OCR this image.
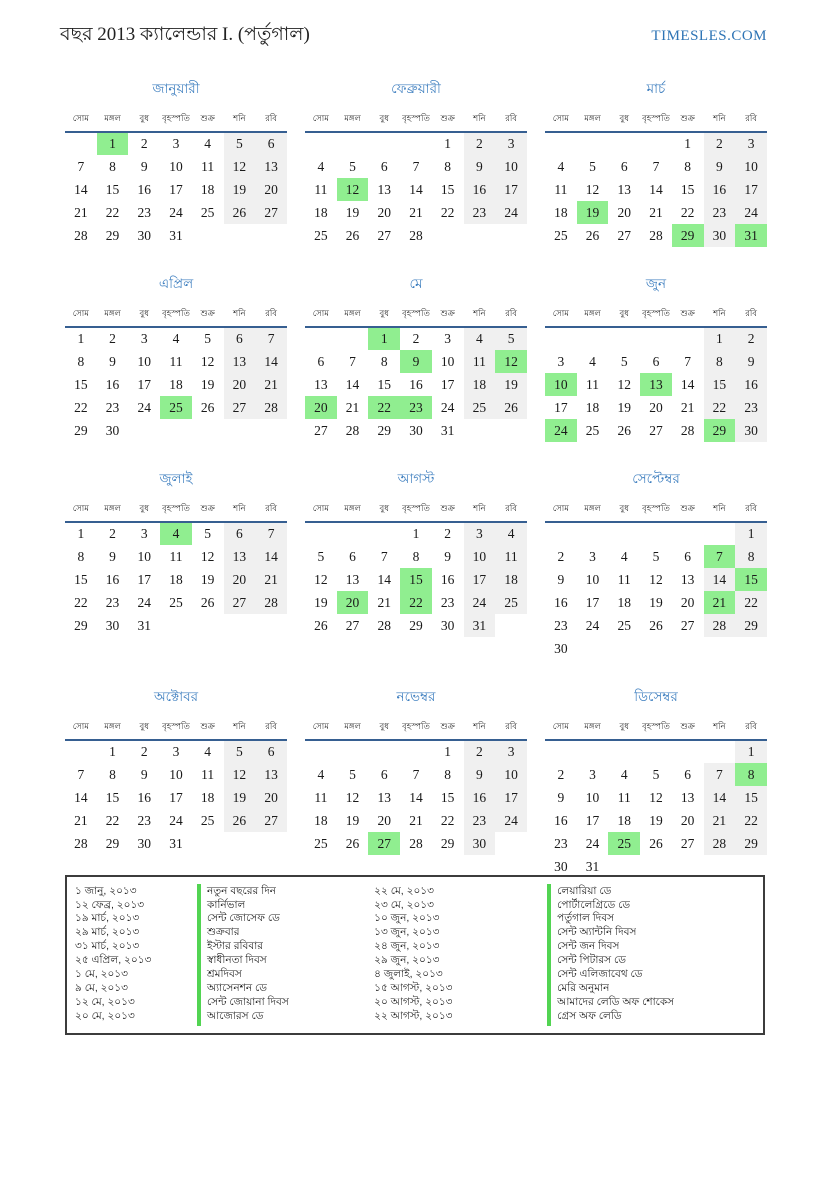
বছর 2013 ক্যালেন্ডার I. (পর্তুগাল)	TIMESLES.COM
জানুয়ারী
সোম	মঙ্গল	বুধ	বৃহস্পতি	শুক্র	শনি	রবি
	1	2	3	4	5	6
7	8	9	10	11	12	13
14	15	16	17	18	19	20
21	22	23	24	25	26	27
28	29	30	31			
ফেব্রুয়ারী
সোম	মঙ্গল	বুধ	বৃহস্পতি	শুক্র	শনি	রবি
				1	2	3
4	5	6	7	8	9	10
11	12	13	14	15	16	17
18	19	20	21	22	23	24
25	26	27	28			
মার্চ
সোম	মঙ্গল	বুধ	বৃহস্পতি	শুক্র	শনি	রবি
				1	2	3
4	5	6	7	8	9	10
11	12	13	14	15	16	17
18	19	20	21	22	23	24
25	26	27	28	29	30	31
এপ্রিল
সোম	মঙ্গল	বুধ	বৃহস্পতি	শুক্র	শনি	রবি
1	2	3	4	5	6	7
8	9	10	11	12	13	14
15	16	17	18	19	20	21
22	23	24	25	26	27	28
29	30					
মে
সোম	মঙ্গল	বুধ	বৃহস্পতি	শুক্র	শনি	রবি
		1	2	3	4	5
6	7	8	9	10	11	12
13	14	15	16	17	18	19
20	21	22	23	24	25	26
27	28	29	30	31		
জুন
সোম	মঙ্গল	বুধ	বৃহস্পতি	শুক্র	শনি	রবি
					1	2
3	4	5	6	7	8	9
10	11	12	13	14	15	16
17	18	19	20	21	22	23
24	25	26	27	28	29	30
জুলাই
সোম	মঙ্গল	বুধ	বৃহস্পতি	শুক্র	শনি	রবি
1	2	3	4	5	6	7
8	9	10	11	12	13	14
15	16	17	18	19	20	21
22	23	24	25	26	27	28
29	30	31				
আগস্ট
সোম	মঙ্গল	বুধ	বৃহস্পতি	শুক্র	শনি	রবি
			1	2	3	4
5	6	7	8	9	10	11
12	13	14	15	16	17	18
19	20	21	22	23	24	25
26	27	28	29	30	31	
সেপ্টেম্বর
সোম	মঙ্গল	বুধ	বৃহস্পতি	শুক্র	শনি	রবি
						1
2	3	4	5	6	7	8
9	10	11	12	13	14	15
16	17	18	19	20	21	22
23	24	25	26	27	28	29
30						
অক্টোবর
সোম	মঙ্গল	বুধ	বৃহস্পতি	শুক্র	শনি	রবি
	1	2	3	4	5	6
7	8	9	10	11	12	13
14	15	16	17	18	19	20
21	22	23	24	25	26	27
28	29	30	31			
নভেম্বর
সোম	মঙ্গল	বুধ	বৃহস্পতি	শুক্র	শনি	রবি
				1	2	3
4	5	6	7	8	9	10
11	12	13	14	15	16	17
18	19	20	21	22	23	24
25	26	27	28	29	30	
ডিসেম্বর
সোম	মঙ্গল	বুধ	বৃহস্পতি	শুক্র	শনি	রবি
						1
2	3	4	5	6	7	8
9	10	11	12	13	14	15
16	17	18	19	20	21	22
23	24	25	26	27	28	29
30	31					
১ জানু, ২০১৩	নতুন বছরের দিন
১২ ফেব্র, ২০১৩	কার্নিভাল
১৯ মার্চ, ২০১৩	সেন্ট জোসেফ ডে
২৯ মার্চ, ২০১৩	শুক্রবার
৩১ মার্চ, ২০১৩	ইস্টার রবিবার
২৫ এপ্রিল, ২০১৩	স্বাধীনতা দিবস
১ মে, ২০১৩	শ্রমদিবস
৯ মে, ২০১৩	অ্যাসেনশন ডে
১২ মে, ২০১৩	সেন্ট জোয়ানা দিবস
২০ মে, ২০১৩	আজোরস ডে
২২ মে, ২০১৩	লেয়ারিয়া ডে
২৩ মে, ২০১৩	পোর্টালেগ্রিডে ডে
১০ জুন, ২০১৩	পর্তুগাল দিবস
১৩ জুন, ২০১৩	সেন্ট অ্যান্টনি দিবস
২৪ জুন, ২০১৩	সেন্ট জন দিবস
২৯ জুন, ২০১৩	সেন্ট পিটারস ডে
৪ জুলাই, ২০১৩	সেন্ট এলিজাবেথ ডে
১৫ আগস্ট, ২০১৩	মেরি অনুমান
২০ আগস্ট, ২০১৩	আমাদের লেডি অফ শোকেস
২২ আগস্ট, ২০১৩	গ্রেস অফ লেডি
